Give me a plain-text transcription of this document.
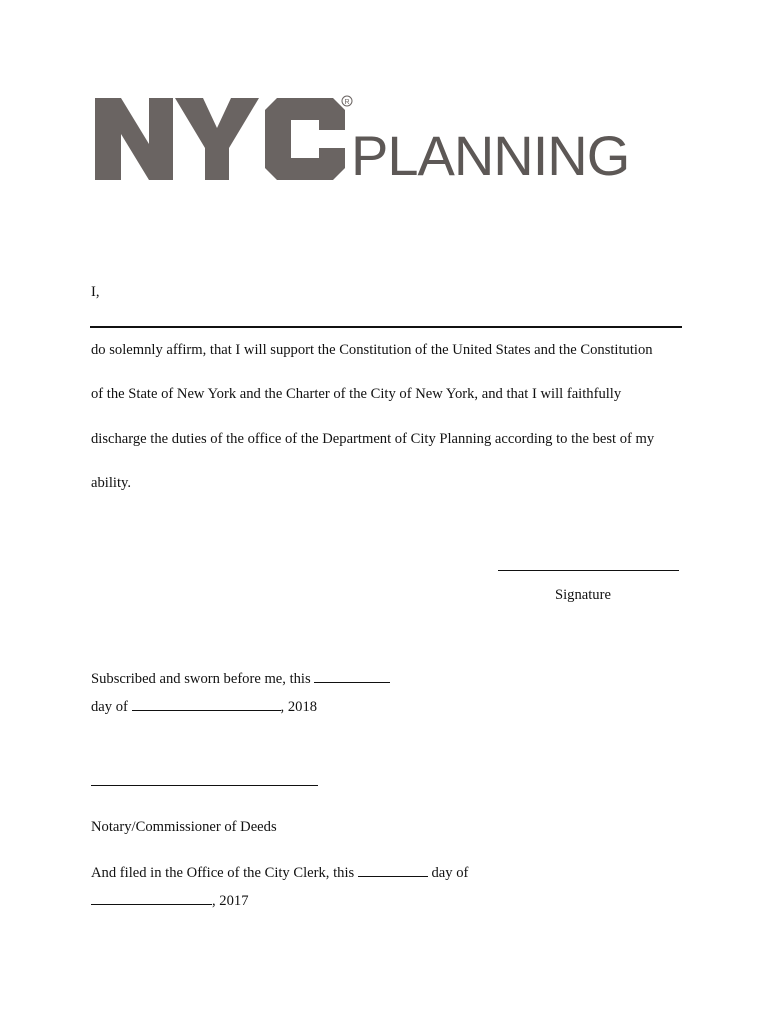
R
PLANNING
I,
do solemnly affirm, that I will support the Constitution of the United States and the Constitution
of the State of New York and the Charter of the City of New York, and that I will faithfully
discharge the duties of the office of the Department of City Planning according to the best of my
ability.
Signature
Subscribed and sworn before me, this
day of	, 2018
Notary/Commissioner of Deeds
And filed in the Office of the City Clerk, this	day of
, 2017
